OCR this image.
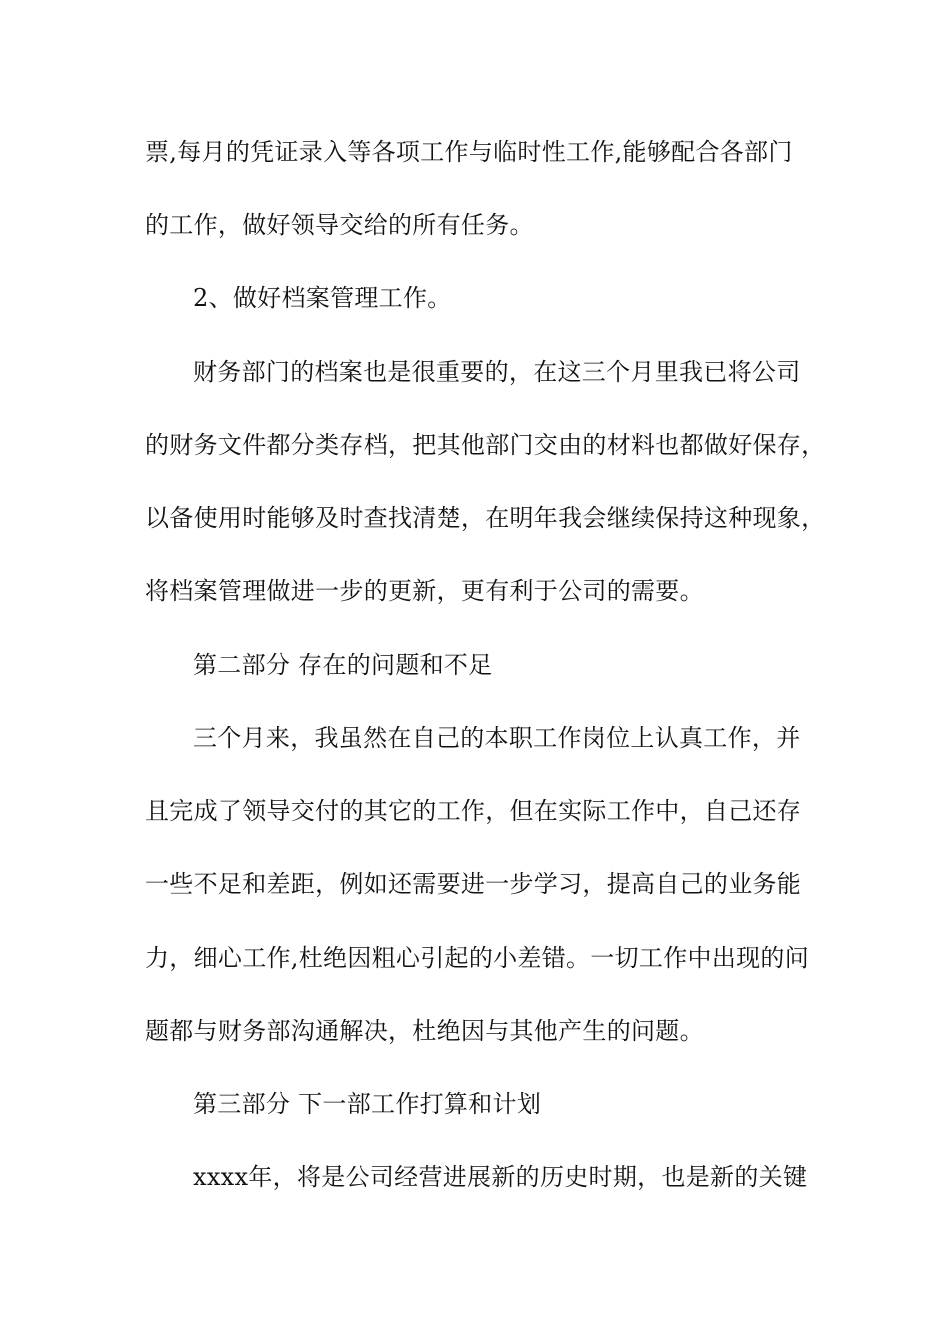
票,每月的凭证录入等各项工作与临时性工作,能够配合各部门
的工作，做好领导交给的所有任务。
2、做好档案管理工作。
财务部门的档案也是很重要的，在这三个月里我已将公司
的财务文件都分类存档，把其他部门交由的材料也都做好保存，
以备使用时能够及时查找清楚，在明年我会继续保持这种现象，
将档案管理做进一步的更新，更有利于公司的需要。
第二部分 存在的问题和不足
三个月来，我虽然在自己的本职工作岗位上认真工作，并
且完成了领导交付的其它的工作，但在实际工作中，自己还存
一些不足和差距，例如还需要进一步学习，提高自己的业务能
力，细心工作,杜绝因粗心引起的小差错。一切工作中出现的问
题都与财务部沟通解决，杜绝因与其他产生的问题。
第三部分 下一部工作打算和计划
xxxx年，将是公司经营进展新的历史时期，也是新的关键
